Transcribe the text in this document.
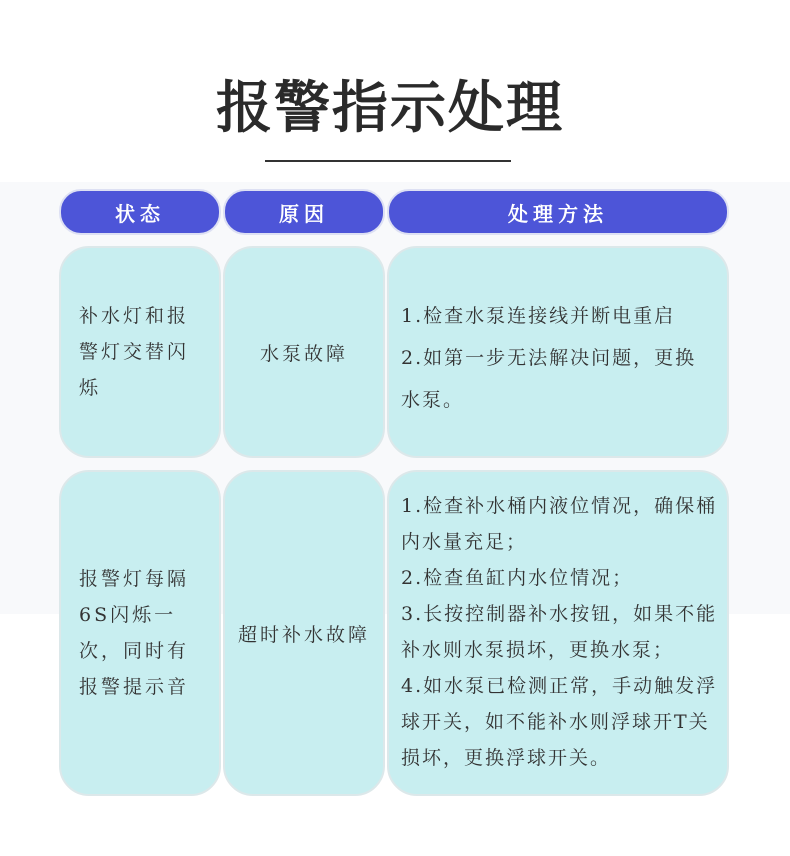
报警指示处理
状态	原因	处理方法
补水灯和报警灯交替闪烁
水泵故障
1.检查水泵连接线并断电重启
2.如第一步无法解决问题，更换
水泵。
报警灯每隔6S闪烁一次，同时有报警提示音
超时补水故障
1.检查补水桶内液位情况，确保桶
内水量充足；
2.检查鱼缸内水位情况；
3.长按控制器补水按钮，如果不能
补水则水泵损坏，更换水泵；
4.如水泵已检测正常，手动触发浮
球开关，如不能补水则浮球开T关
损坏，更换浮球开关。
